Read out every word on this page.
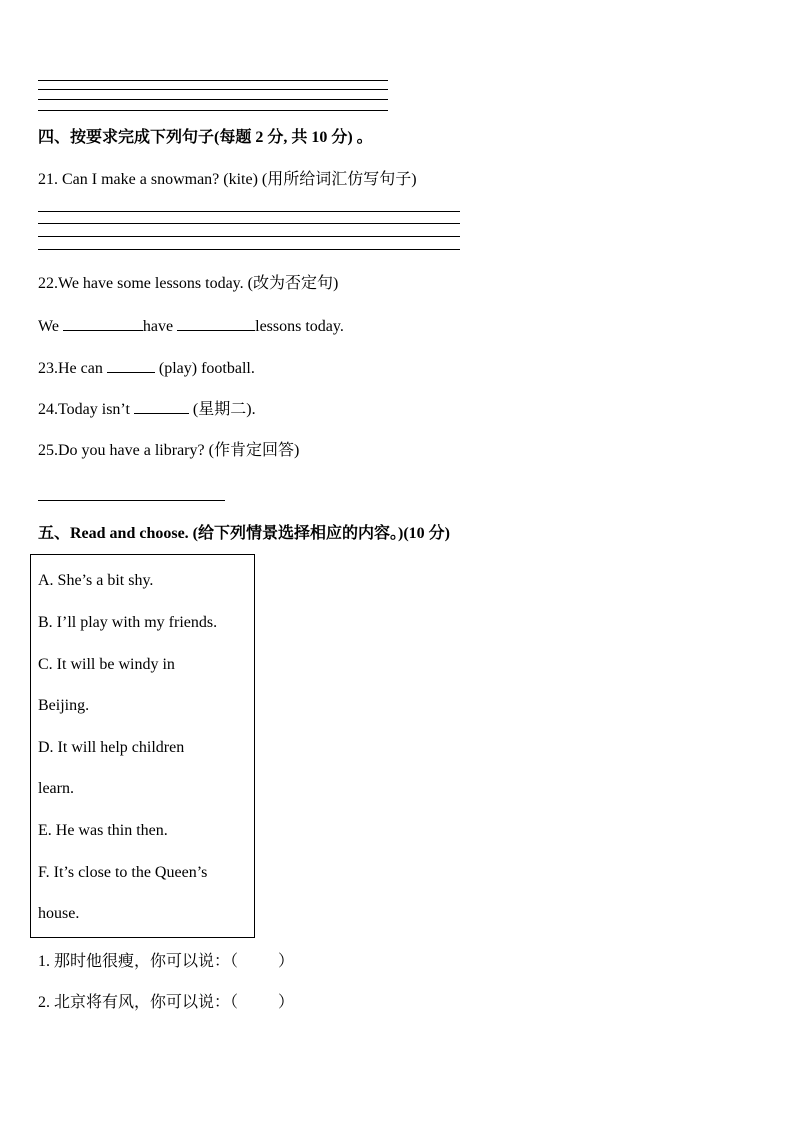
四、按要求完成下列句子(每题 2 分, 共 10 分) 。
21. Can I make a snowman? (kite) (用所给词汇仿写句子)
22.We have some lessons today. (改为否定句)
We	have	lessons today.
23.He can	(play) football.
24.Today isn’t	(星期二).
25.Do you have a library? (作肯定回答)
五、Read and choose. (给下列情景选择相应的内容。)(10 分)
A. She’s a bit shy.
B. I’ll play with my friends.
C. It will be windy in
Beijing.
D. It will help children
learn.
E. He was thin then.
F. It’s close to the Queen’s
house.
1. 那时他很瘦，你可以说：（	）
2. 北京将有风，你可以说：（	）
